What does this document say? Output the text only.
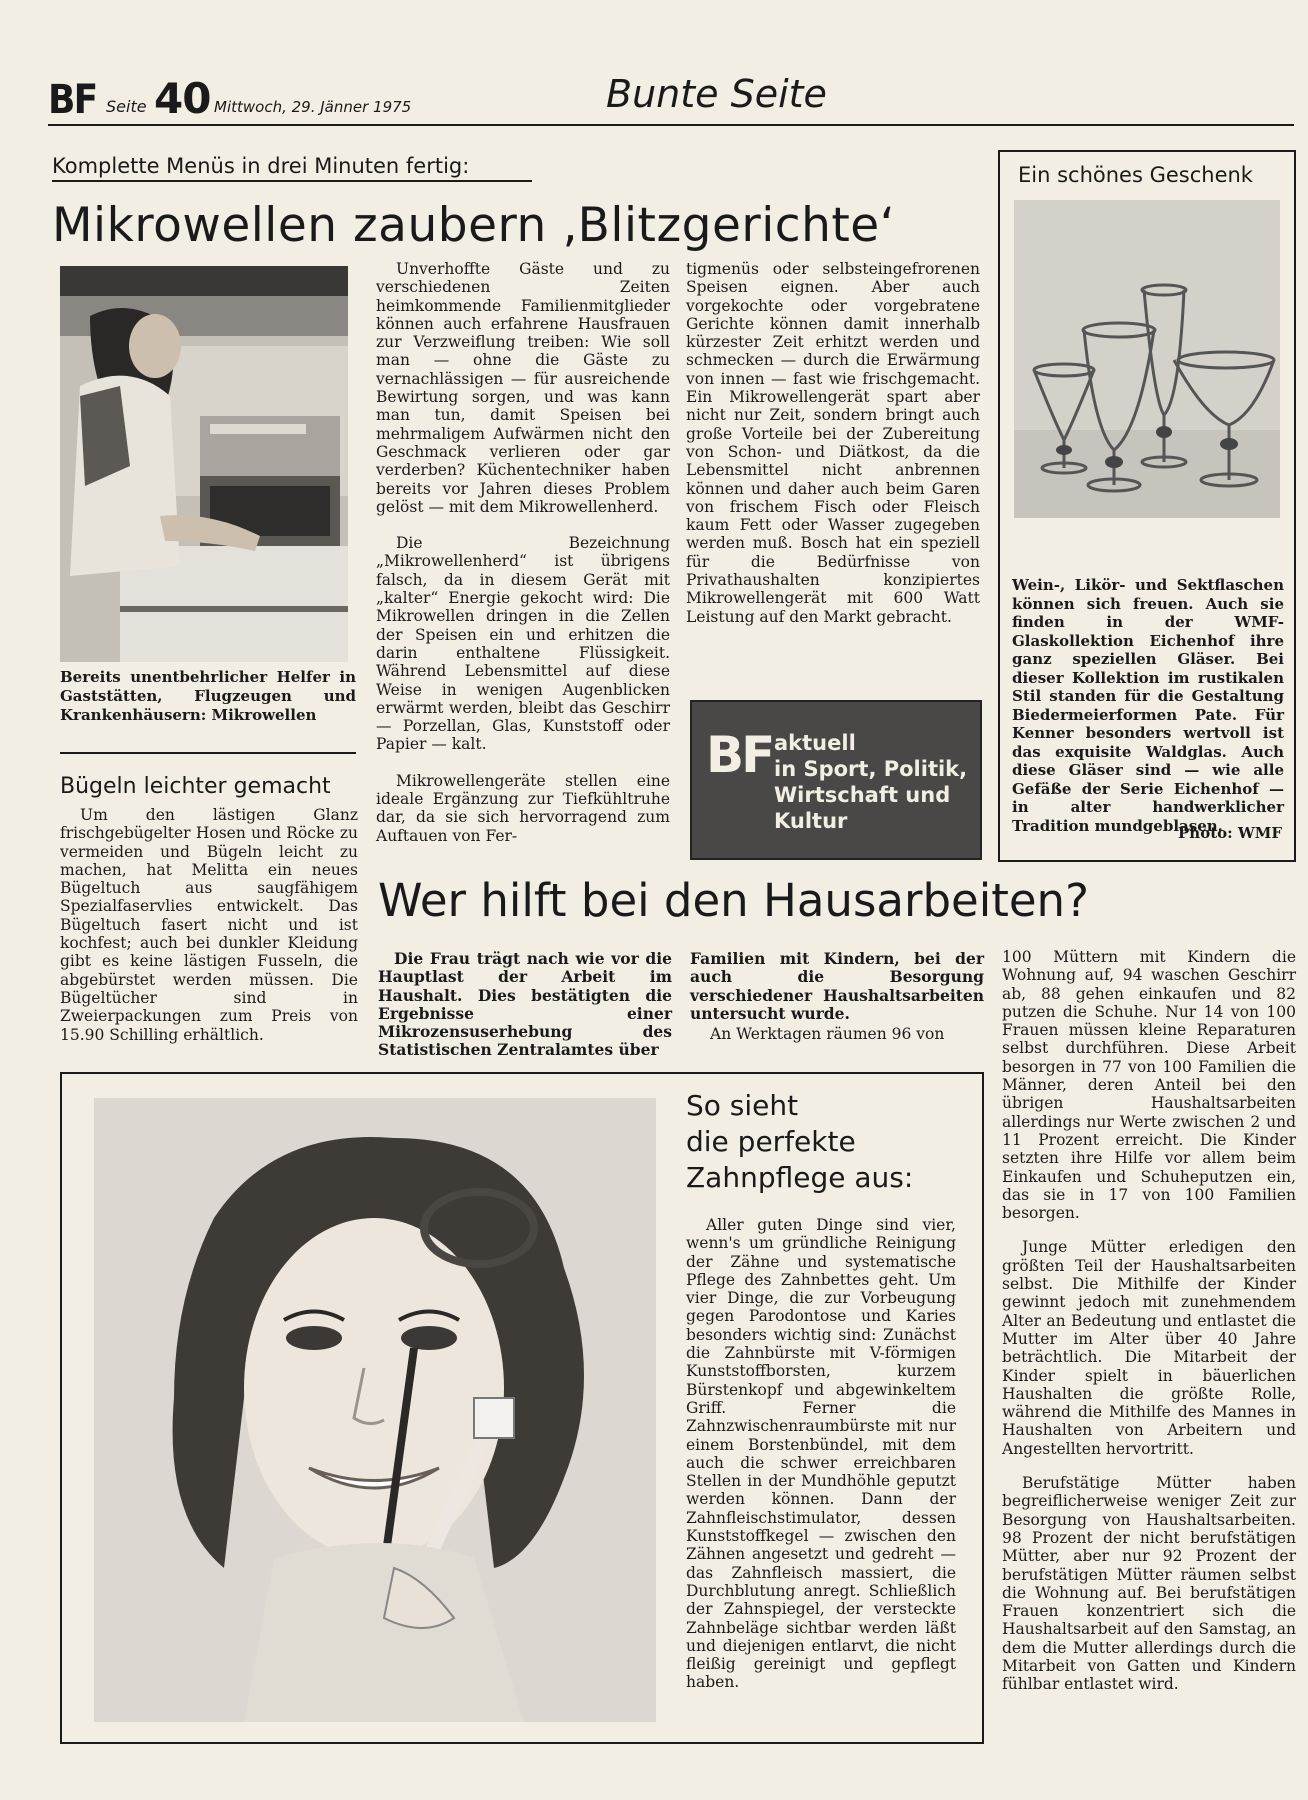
BF Seite 40 Mittwoch, 29. Jänner 1975	Bunte Seite
Komplette Menüs in drei Minuten fertig:
Mikrowellen zaubern ‚Blitzgerichte‘
Bereits unentbehrlicher Helfer in Gaststätten, Flugzeugen und Krankenhäusern: Mikrowellen

Unverhoffte Gäste und zu verschiedenen Zeiten heimkommende Familienmitglieder können auch erfahrene Hausfrauen zur Verzweiflung treiben: Wie soll man — ohne die Gäste zu vernachlässigen — für ausreichende Bewirtung sorgen, und was kann man tun, damit Speisen bei mehrmaligem Aufwärmen nicht den Geschmack verlieren oder gar verderben? Küchentechniker haben bereits vor Jahren dieses Problem gelöst — mit dem Mikrowellenherd.

Die Bezeichnung „Mikrowellenherd“ ist übrigens falsch, da in diesem Gerät mit „kalter“ Energie gekocht wird: Die Mikrowellen dringen in die Zellen der Speisen ein und erhitzen die darin enthaltene Flüssigkeit. Während Lebensmittel auf diese Weise in wenigen Augenblicken erwärmt werden, bleibt das Geschirr — Porzellan, Glas, Kunststoff oder Papier — kalt.

Mikrowellengeräte stellen eine ideale Ergänzung zur Tiefkühltruhe dar, da sie sich hervorragend zum Auftauen von Fer-

tigmenüs oder selbsteingefrorenen Speisen eignen. Aber auch vorgekochte oder vorgebratene Gerichte können damit innerhalb kürzester Zeit erhitzt werden und schmecken — durch die Erwärmung von innen — fast wie frischgemacht. Ein Mikrowellengerät spart aber nicht nur Zeit, sondern bringt auch große Vorteile bei der Zubereitung von Schon- und Diätkost, da die Lebensmittel nicht anbrennen können und daher auch beim Garen von frischem Fisch oder Fleisch kaum Fett oder Wasser zugegeben werden muß. Bosch hat ein speziell für die Bedürfnisse von Privathaushalten konzipiertes Mikrowellengerät mit 600 Watt Leistung auf den Markt gebracht.

BF aktuell
in Sport, Politik,
Wirtschaft und
Kultur
Ein schönes Geschenk
Wein-, Likör- und Sektflaschen können sich freuen. Auch sie finden in der WMF-Glaskollektion Eichenhof ihre ganz speziellen Gläser. Bei dieser Kollektion im rustikalen Stil standen für die Gestaltung Biedermeierformen Pate. Für Kenner besonders wertvoll ist das exquisite Waldglas. Auch diese Gläser sind — wie alle Gefäße der Serie Eichenhof — in alter handwerklicher Tradition mundgeblasen.
Photo: WMF
Bügeln leichter gemacht

Um den lästigen Glanz frischgebügelter Hosen und Röcke zu vermeiden und Bügeln leicht zu machen, hat Melitta ein neues Bügeltuch aus saugfähigem Spezialfaservlies entwickelt. Das Bügeltuch fasert nicht und ist kochfest; auch bei dunkler Kleidung gibt es keine lästigen Fusseln, die abgebürstet werden müssen. Die Bügeltücher sind in Zweierpackungen zum Preis von 15.90 Schilling erhältlich.

Wer hilft bei den Hausarbeiten?

Die Frau trägt nach wie vor die Hauptlast der Arbeit im Haushalt. Dies bestätigten die Ergebnisse einer Mikrozensuserhebung des Statistischen Zentralamtes über

Familien mit Kindern, bei der auch die Besorgung verschiedener Haushaltsarbeiten untersucht wurde.

An Werktagen räumen 96 von

100 Müttern mit Kindern die Wohnung auf, 94 waschen Geschirr ab, 88 gehen einkaufen und 82 putzen die Schuhe. Nur 14 von 100 Frauen müssen kleine Reparaturen selbst durchführen. Diese Arbeit besorgen in 77 von 100 Familien die Männer, deren Anteil bei den übrigen Haushaltsarbeiten allerdings nur Werte zwischen 2 und 11 Prozent erreicht. Die Kinder setzten ihre Hilfe vor allem beim Einkaufen und Schuheputzen ein, das sie in 17 von 100 Familien besorgen.

Junge Mütter erledigen den größten Teil der Haushaltsarbeiten selbst. Die Mithilfe der Kinder gewinnt jedoch mit zunehmendem Alter an Bedeutung und entlastet die Mutter im Alter über 40 Jahre beträchtlich. Die Mitarbeit der Kinder spielt in bäuerlichen Haushalten die größte Rolle, während die Mithilfe des Mannes in Haushalten von Arbeitern und Angestellten hervortritt.

Berufstätige Mütter haben begreiflicherweise weniger Zeit zur Besorgung von Haushaltsarbeiten. 98 Prozent der nicht berufstätigen Mütter, aber nur 92 Prozent der berufstätigen Mütter räumen selbst die Wohnung auf. Bei berufstätigen Frauen konzentriert sich die Haushaltsarbeit auf den Samstag, an dem die Mutter allerdings durch die Mitarbeit von Gatten und Kindern fühlbar entlastet wird.

So sieht
die perfekte
Zahnpflege aus:

Aller guten Dinge sind vier, wenn's um gründliche Reinigung der Zähne und systematische Pflege des Zahnbettes geht. Um vier Dinge, die zur Vorbeugung gegen Parodontose und Karies besonders wichtig sind: Zunächst die Zahnbürste mit V-förmigen Kunststoffborsten, kurzem Bürstenkopf und abgewinkeltem Griff. Ferner die Zahnzwischenraumbürste mit nur einem Borstenbündel, mit dem auch die schwer erreichbaren Stellen in der Mundhöhle geputzt werden können. Dann der Zahnfleischstimulator, dessen Kunststoffkegel — zwischen den Zähnen angesetzt und gedreht — das Zahnfleisch massiert, die Durchblutung anregt. Schließlich der Zahnspiegel, der versteckte Zahnbeläge sichtbar werden läßt und diejenigen entlarvt, die nicht fleißig gereinigt und gepflegt haben.
